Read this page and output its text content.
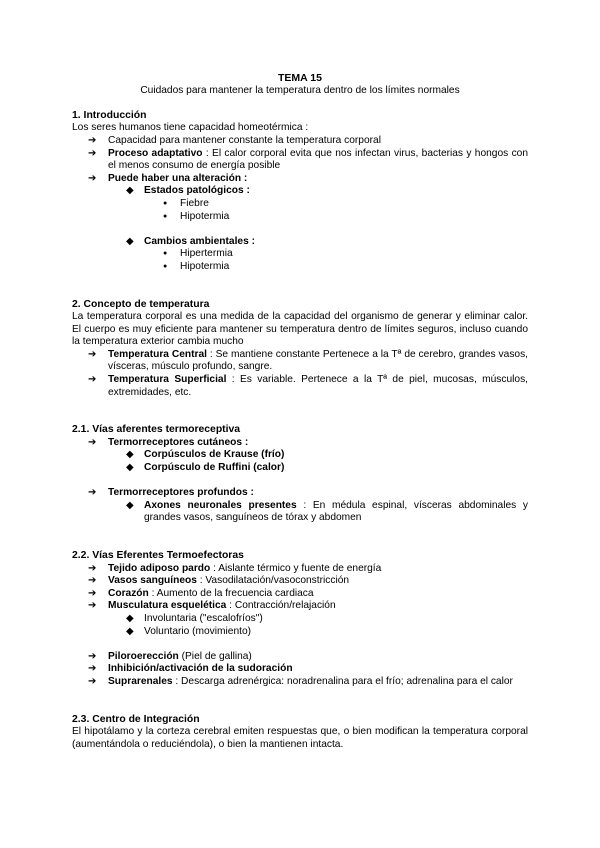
TEMA 15
Cuidados para mantener la temperatura dentro de los límites normales
1. Introducción

Los seres humanos tiene capacidad homeotérmica :

➔ Capacidad para mantener constante la temperatura corporal
➔ Proceso adaptativo : El calor corporal evita que nos infectan virus, bacterias y hongos con el menos consumo de energía posible
➔ Puede haber una alteración :
◆ Estados patológicos :
● Fiebre
● Hipotermia
◆ Cambios ambientales :
● Hipertermia
● Hipotermia
2. Concepto de temperatura

La temperatura corporal es una medida de la capacidad del organismo de generar y eliminar calor. El cuerpo es muy eficiente para mantener su temperatura dentro de límites seguros, incluso cuando la temperatura exterior cambia mucho

➔ Temperatura Central : Se mantiene constante Pertenece a la Tª de cerebro, grandes vasos, vísceras, músculo profundo, sangre.
➔ Temperatura Superficial : Es variable. Pertenece a la Tª de piel, mucosas, músculos, extremidades, etc.
2.1. Vías aferentes termoreceptiva
➔ Termorreceptores cutáneos :
◆ Corpúsculos de Krause (frío)
◆ Corpúsculo de Ruffini (calor)
➔ Termorreceptores profundos :
◆ Axones neuronales presentes : En médula espinal, vísceras abdominales y grandes vasos, sanguíneos de tórax y abdomen
2.2. Vías Eferentes Termoefectoras
➔ Tejido adiposo pardo : Aislante térmico y fuente de energía
➔ Vasos sanguíneos : Vasodilatación/vasoconstricción
➔ Corazón : Aumento de la frecuencia cardiaca
➔ Musculatura esquelética : Contracción/relajación
◆ Involuntaria ("escalofríos")
◆ Voluntario (movimiento)
➔ Piloroerección (Piel de gallina)
➔ Inhibición/activación de la sudoración
➔ Suprarenales : Descarga adrenérgica: noradrenalina para el frío; adrenalina para el calor
2.3. Centro de Integración

El hipotálamo y la corteza cerebral emiten respuestas que, o bien modifican la temperatura corporal (aumentándola o reduciéndola), o bien la mantienen intacta.
